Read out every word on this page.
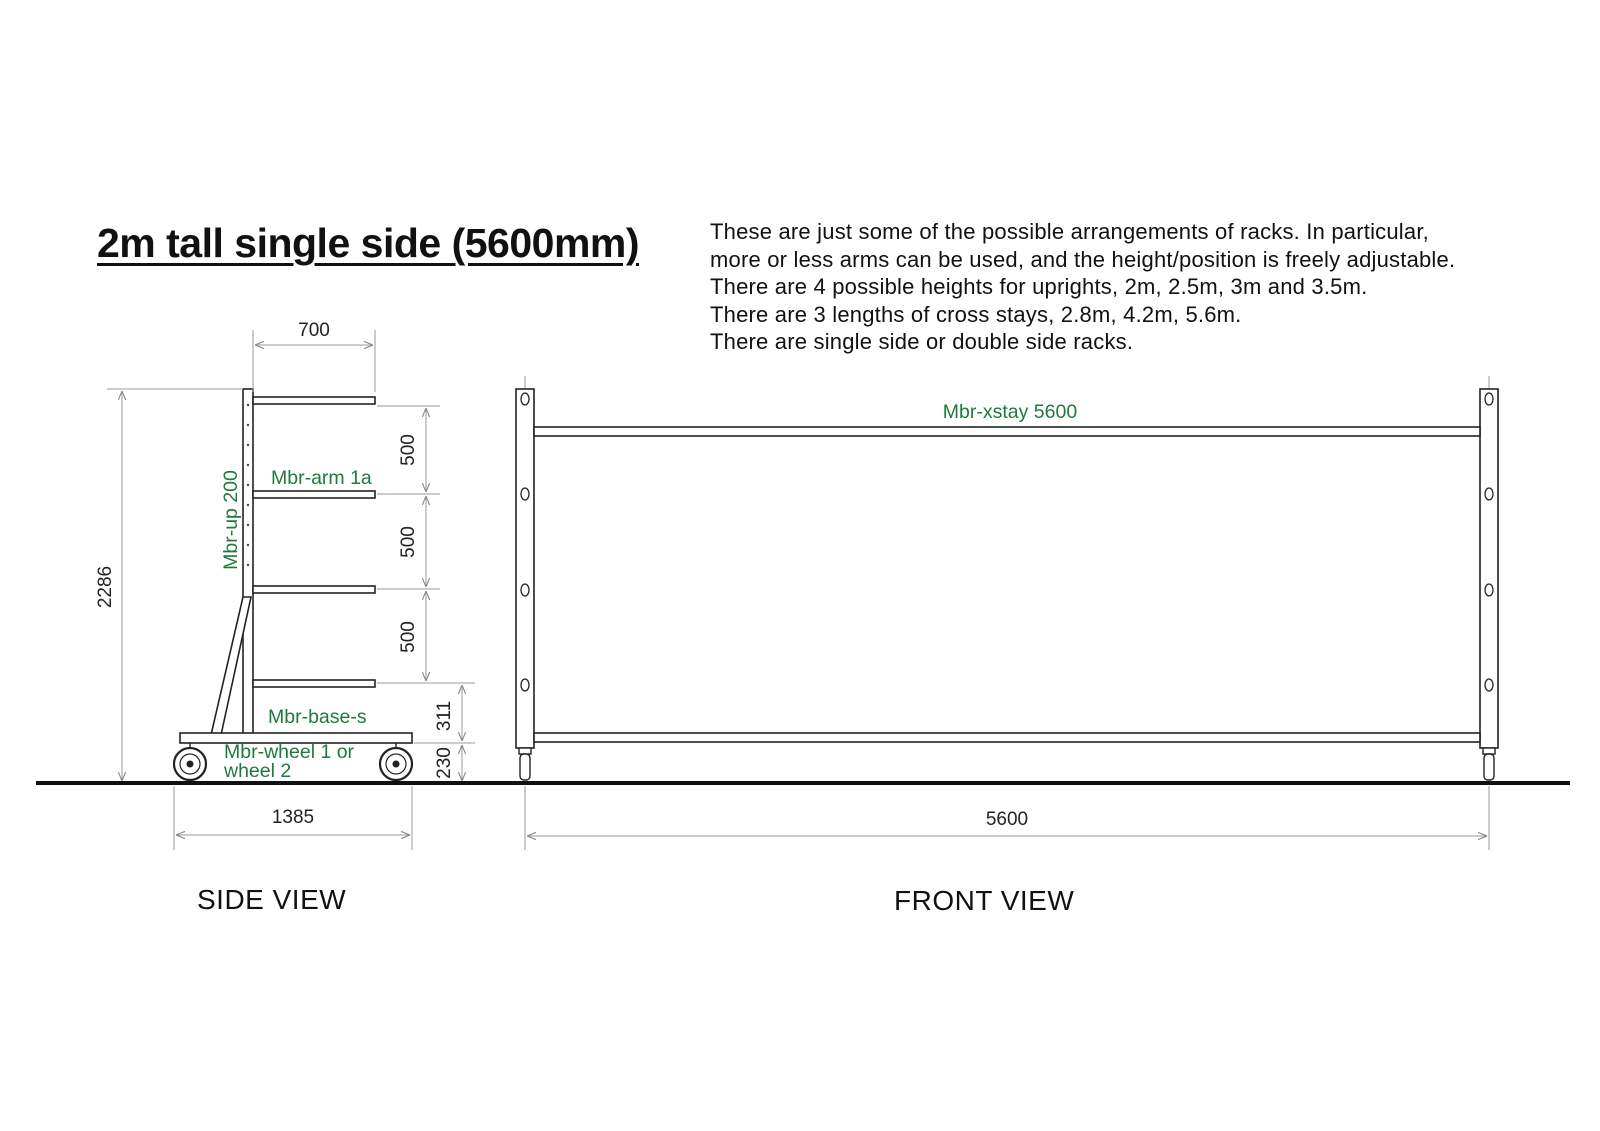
2m tall single side (5600mm)	These are just some of the possible arrangements of racks. In particular,
more or less arms can be used, and the height/position is freely adjustable.
There are 4 possible heights for uprights, 2m, 2.5m, 3m and 3.5m.
There are 3 lengths of cross stays, 2.8m, 4.2m, 5.6m.
There are single side or double side racks.
700
2286
500
500
500
311
230
1385
Mbr-up 200 Mbr-arm 1a
Mbr-base-s
Mbr-wheel 1 or
wheel 2
5600
Mbr-xstay 5600
SIDE VIEW	FRONT VIEW
